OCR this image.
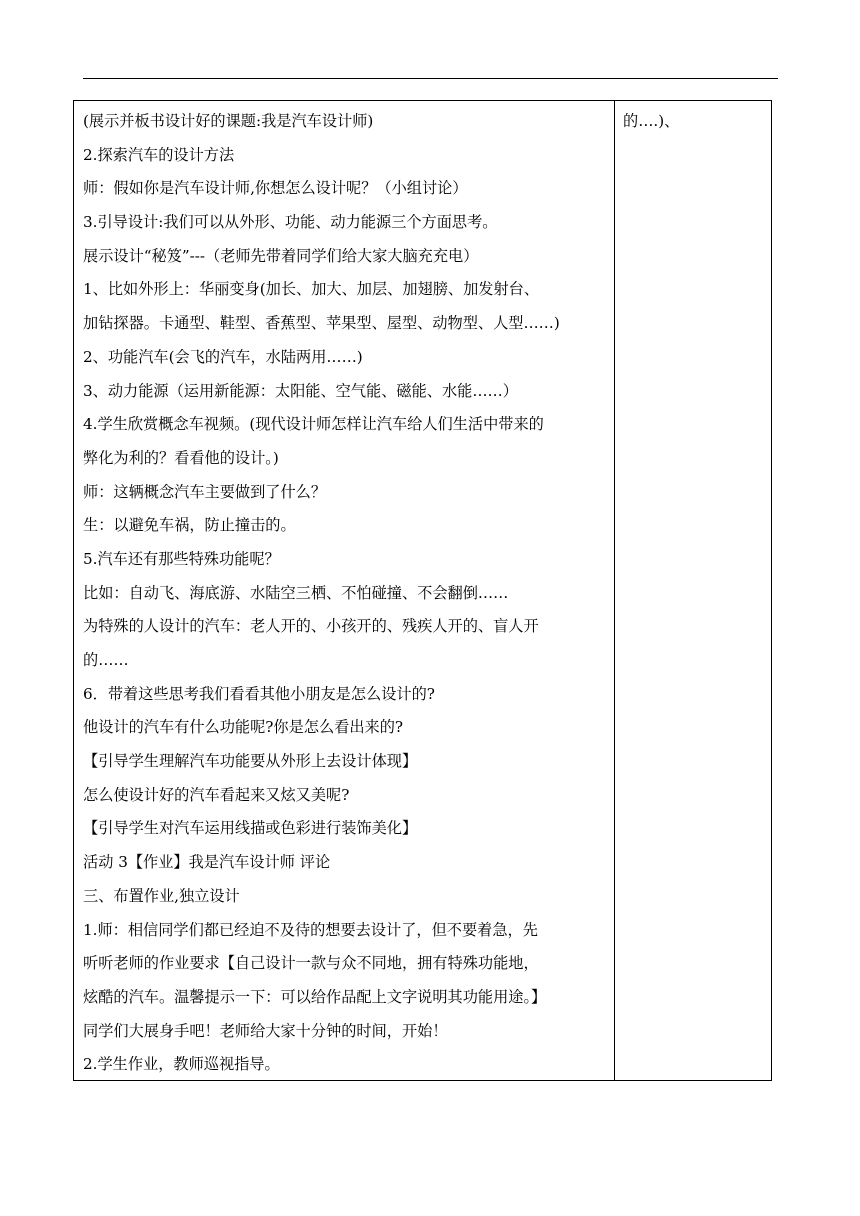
(展示并板书设计好的课题:我是汽车设计师)
2.探索汽车的设计方法
师：假如你是汽车设计师,你想怎么设计呢？（小组讨论）
3.引导设计:我们可以从外形、功能、动力能源三个方面思考。
展示设计“秘笈”---（老师先带着同学们给大家大脑充充电）
1、比如外形上：华丽变身(加长、加大、加层、加翅膀、加发射台、
加钻探器。卡通型、鞋型、香蕉型、苹果型、屋型、动物型、人型……)
2、功能汽车(会飞的汽车，水陆两用……)
3、动力能源（运用新能源：太阳能、空气能、磁能、水能……）
4.学生欣赏概念车视频。(现代设计师怎样让汽车给人们生活中带来的
弊化为利的？看看他的设计。)
师：这辆概念汽车主要做到了什么？
生：以避免车祸，防止撞击的。
5.汽车还有那些特殊功能呢？
比如：自动飞、海底游、水陆空三栖、不怕碰撞、不会翻倒……
为特殊的人设计的汽车：老人开的、小孩开的、残疾人开的、盲人开
的……
6．带着这些思考我们看看其他小朋友是怎么设计的?
他设计的汽车有什么功能呢?你是怎么看出来的?
【引导学生理解汽车功能要从外形上去设计体现】
怎么使设计好的汽车看起来又炫又美呢?
【引导学生对汽车运用线描或色彩进行装饰美化】
活动 3【作业】我是汽车设计师 评论
三、布置作业,独立设计
1.师：相信同学们都已经迫不及待的想要去设计了，但不要着急，先
听听老师的作业要求【自己设计一款与众不同地，拥有特殊功能地，
炫酷的汽车。温馨提示一下：可以给作品配上文字说明其功能用途。】
同学们大展身手吧！老师给大家十分钟的时间，开始！
2.学生作业，教师巡视指导。
的….)、
